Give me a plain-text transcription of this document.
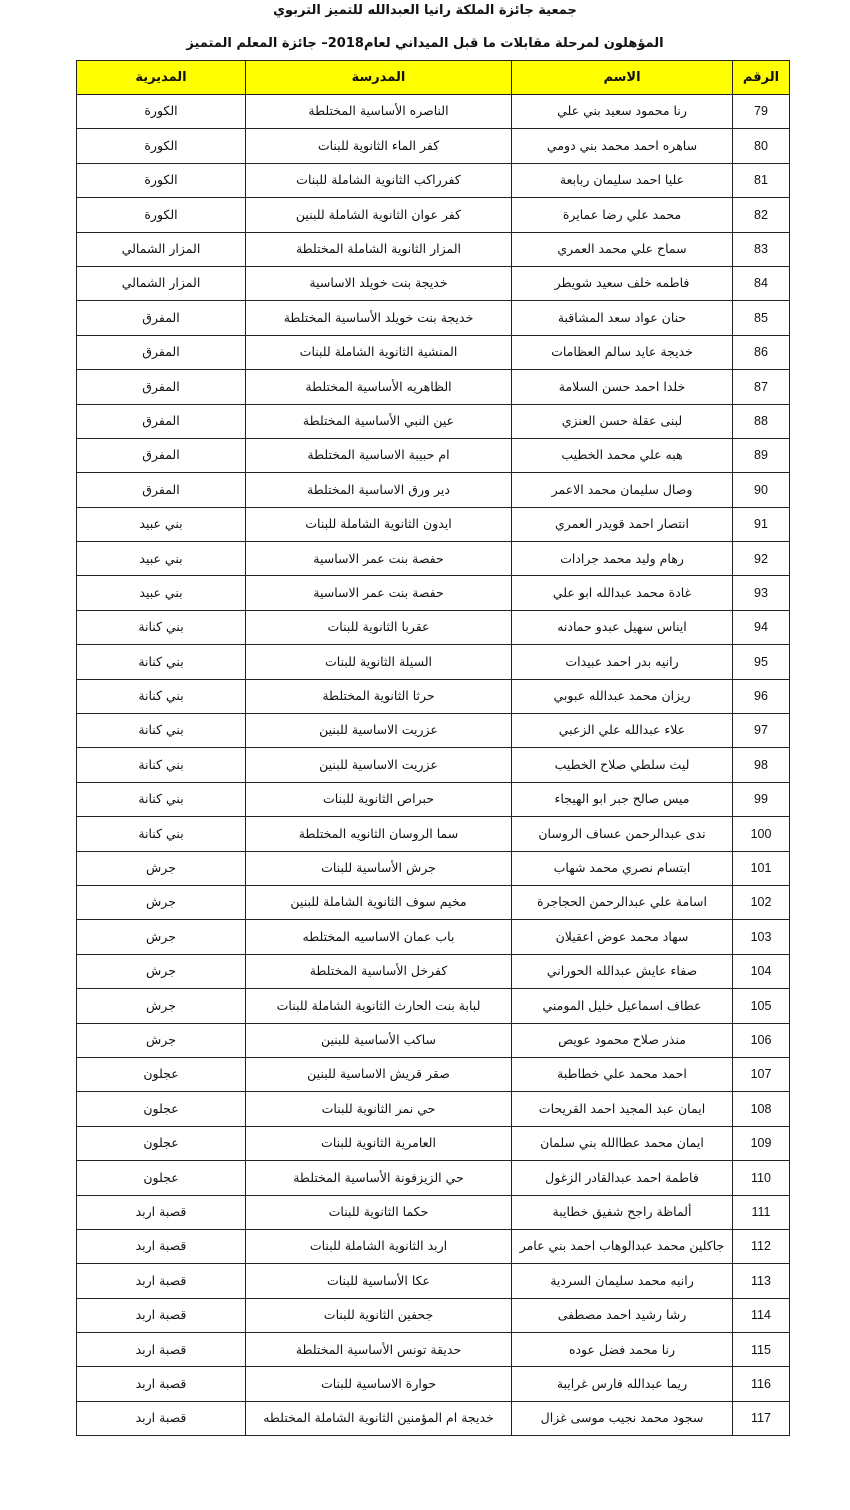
جمعية جائزة الملكة رانيا العبدالله للتميز التربوي
المؤهلون لمرحلة مقابلات ما قبل الميداني لعام2018– جائزة المعلم المتميز
الرقم	الاسم	المدرسة	المديرية
79	رنا محمود سعيد بني علي	الناصره الأساسية المختلطة	الكورة
80	ساهره احمد محمد بني دومي	كفر الماء الثانوية للبنات	الكورة
81	عليا احمد سليمان ربابعة	كفرراكب الثانوية الشاملة للبنات	الكورة
82	محمد علي رضا عمايرة	كفر عوان الثانوية الشاملة للبنين	الكورة
83	سماح علي محمد العمري	المزار الثانوية الشاملة المختلطة	المزار الشمالي
84	فاطمه خلف سعيد شويطر	خديجة بنت خويلد الاساسية	المزار الشمالي
85	حنان عواد سعد المشاقبة	خديجة بنت خويلد الأساسية المختلطة	المفرق
86	خديجة عايد سالم العظامات	المنشية الثانوية الشاملة للبنات	المفرق
87	خلدا احمد حسن السلامة	الظاهريه الأساسية المختلطة	المفرق
88	لبنى عقلة حسن العنزي	عين النبي الأساسية المختلطة	المفرق
89	هبه علي محمد الخطيب	ام حبيبة الاساسية المختلطة	المفرق
90	وصال سليمان محمد الاعمر	دير ورق الاساسية المختلطة	المفرق
91	انتصار احمد قويدر العمري	ايدون الثانوية الشاملة للبنات	بني عبيد
92	رهام وليد محمد جرادات	حفصة بنت عمر الاساسية	بني عبيد
93	غادة محمد عبدالله ابو علي	حفصة بنت عمر الاساسية	بني عبيد
94	ايناس سهيل عبدو حمادنه	عقربا الثانوية للبنات	بني كنانة
95	رانيه بدر احمد عبيدات	السيلة الثانوية للبنات	بني كنانة
96	ريزان محمد عبدالله عبوبي	حرثا الثانوية المختلطة	بني كنانة
97	علاء عبدالله علي الزعبي	عزريت الاساسية للبنين	بني كنانة
98	ليث سلطي صلاح الخطيب	عزريت الاساسية للبنين	بني كنانة
99	ميس صالح جبر ابو الهيجاء	حبراص الثانوية للبنات	بني كنانة
100	ندى عبدالرحمن عساف الروسان	سما الروسان الثانويه المختلطة	بني كنانة
101	ابتسام نصري محمد شهاب	جرش الأساسية للبنات	جرش
102	اسامة علي عبدالرحمن الحجاجرة	مخيم سوف الثانوية الشاملة للبنين	جرش
103	سهاد محمد عوض اعقيلان	باب عمان الاساسيه المختلطه	جرش
104	صفاء عايش عبدالله الحوراني	كفرخل الأساسية المختلطة	جرش
105	عطاف اسماعيل خليل المومني	لبابة بنت الحارث الثانوية الشاملة للبنات	جرش
106	منذر صلاح محمود عويص	ساكب الأساسية للبنين	جرش
107	احمد محمد علي خطاطبة	صقر قريش الاساسية للبنين	عجلون
108	ايمان عبد المجيد احمد القريحات	حي نمر الثانوية للبنات	عجلون
109	ايمان محمد عطاالله بني سلمان	العامرية الثانوية للبنات	عجلون
110	فاطمة احمد عبدالقادر الزغول	حي الزيزفونة الأساسية المختلطة	عجلون
111	ألماظة راجح شفيق خطايبة	حكما الثانوية للبنات	قصبة اربد
112	جاكلين محمد عبدالوهاب احمد بني عامر	اربد الثانوية الشاملة للبنات	قصبة اربد
113	رانيه محمد سليمان السردية	عكا الأساسية للبنات	قصبة اربد
114	رشا رشيد احمد مصطفى	جحفين الثانوية للبنات	قصبة اربد
115	رنا محمد فضل عوده	حديقة تونس الأساسية المختلطة	قصبة اربد
116	ريما عبدالله فارس غرايبة	حوارة الاساسية للبنات	قصبة اربد
117	سجود محمد نجيب موسى غزال	خديجة ام المؤمنين الثانوية الشاملة المختلطه	قصبة اربد
